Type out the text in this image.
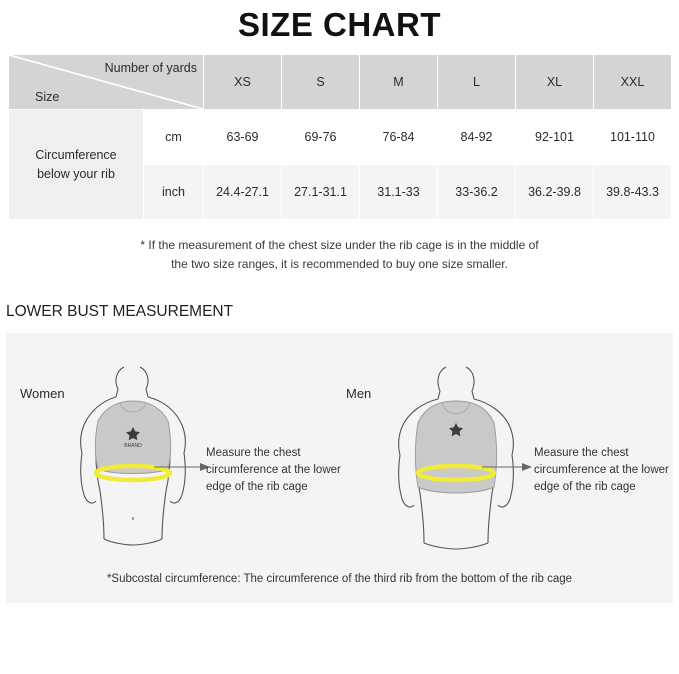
SIZE CHART
Number of yards
Size		XS	S	M	L	XL	XXL
Circumference
below your rib	cm	63-69	69-76	76-84	84-92	92-101	101-110
	inch	24.4-27.1	27.1-31.1	31.1-33	33-36.2	36.2-39.8	39.8-43.3
* If the measurement of the chest size under the rib cage is in the middle of
the two size ranges, it is recommended to buy one size smaller.
LOWER BUST MEASUREMENT
Women	Men
BRAND
Measure the chest circumference at the lower edge of the rib cage
Measure the chest circumference at the lower edge of the rib cage
*Subcostal circumference: The circumference of the third rib from the bottom of the rib cage
